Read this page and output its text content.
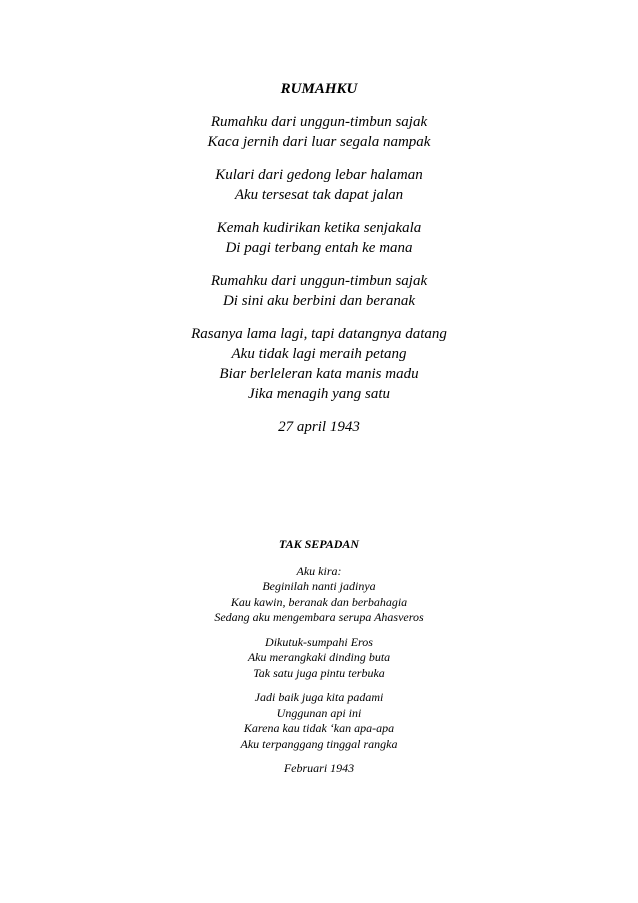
RUMAHKU
Rumahku dari unggun-timbun sajak
Kaca jernih dari luar segala nampak
Kulari dari gedong lebar halaman
Aku tersesat tak dapat jalan
Kemah kudirikan ketika senjakala
Di pagi terbang entah ke mana
Rumahku dari unggun-timbun sajak
Di sini aku berbini dan beranak
Rasanya lama lagi, tapi datangnya datang
Aku tidak lagi meraih petang
Biar berleleran kata manis madu
Jika menagih yang satu
27 april 1943
TAK SEPADAN
Aku kira:
Beginilah nanti jadinya
Kau kawin, beranak dan berbahagia
Sedang aku mengembara serupa Ahasveros
Dikutuk-sumpahi Eros
Aku merangkaki dinding buta
Tak satu juga pintu terbuka
Jadi baik juga kita padami
Unggunan api ini
Karena kau tidak ‘kan apa-apa
Aku terpanggang tinggal rangka
Februari 1943
